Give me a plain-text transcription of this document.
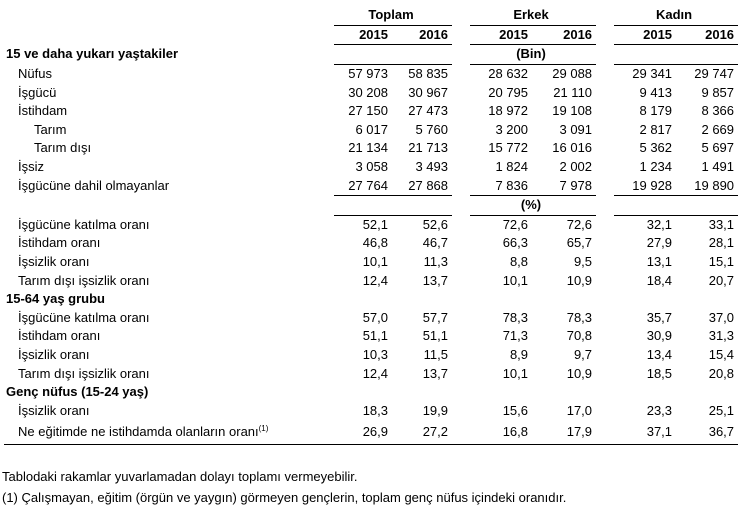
	Toplam			Erkek			Kadın	
	2015	2016		2015	2016		2015	2016
15 ve daha yukarı yaştakiler				(Bin)				
Nüfus	57 973	58 835		28 632	29 088		29 341	29 747
İşgücü	30 208	30 967		20 795	21 110		9 413	9 857
İstihdam	27 150	27 473		18 972	19 108		8 179	8 366
Tarım	6 017	5 760		3 200	3 091		2 817	2 669
Tarım dışı	21 134	21 713		15 772	16 016		5 362	5 697
İşsiz	3 058	3 493		1 824	2 002		1 234	1 491
İşgücüne dahil olmayanlar	27 764	27 868		7 836	7 978		19 928	19 890
				(%)				
İşgücüne katılma oranı	52,1	52,6		72,6	72,6		32,1	33,1
İstihdam oranı	46,8	46,7		66,3	65,7		27,9	28,1
İşsizlik oranı	10,1	11,3		8,8	9,5		13,1	15,1
Tarım dışı işsizlik oranı	12,4	13,7		10,1	10,9		18,4	20,7
15-64 yaş grubu								
İşgücüne katılma oranı	57,0	57,7		78,3	78,3		35,7	37,0
İstihdam oranı	51,1	51,1		71,3	70,8		30,9	31,3
İşsizlik oranı	10,3	11,5		8,9	9,7		13,4	15,4
Tarım dışı işsizlik oranı	12,4	13,7		10,1	10,9		18,5	20,8
Genç nüfus (15-24 yaş)								
İşsizlik oranı	18,3	19,9		15,6	17,0		23,3	25,1
Ne eğitimde ne istihdamda olanların oranı$^{(1)}$	26,9	27,2		16,8	17,9		37,1	36,7
Tablodaki rakamlar yuvarlamadan dolayı toplamı vermeyebilir.
(1) Çalışmayan, eğitim (örgün ve yaygın) görmeyen gençlerin, toplam genç nüfus içindeki oranıdır.
